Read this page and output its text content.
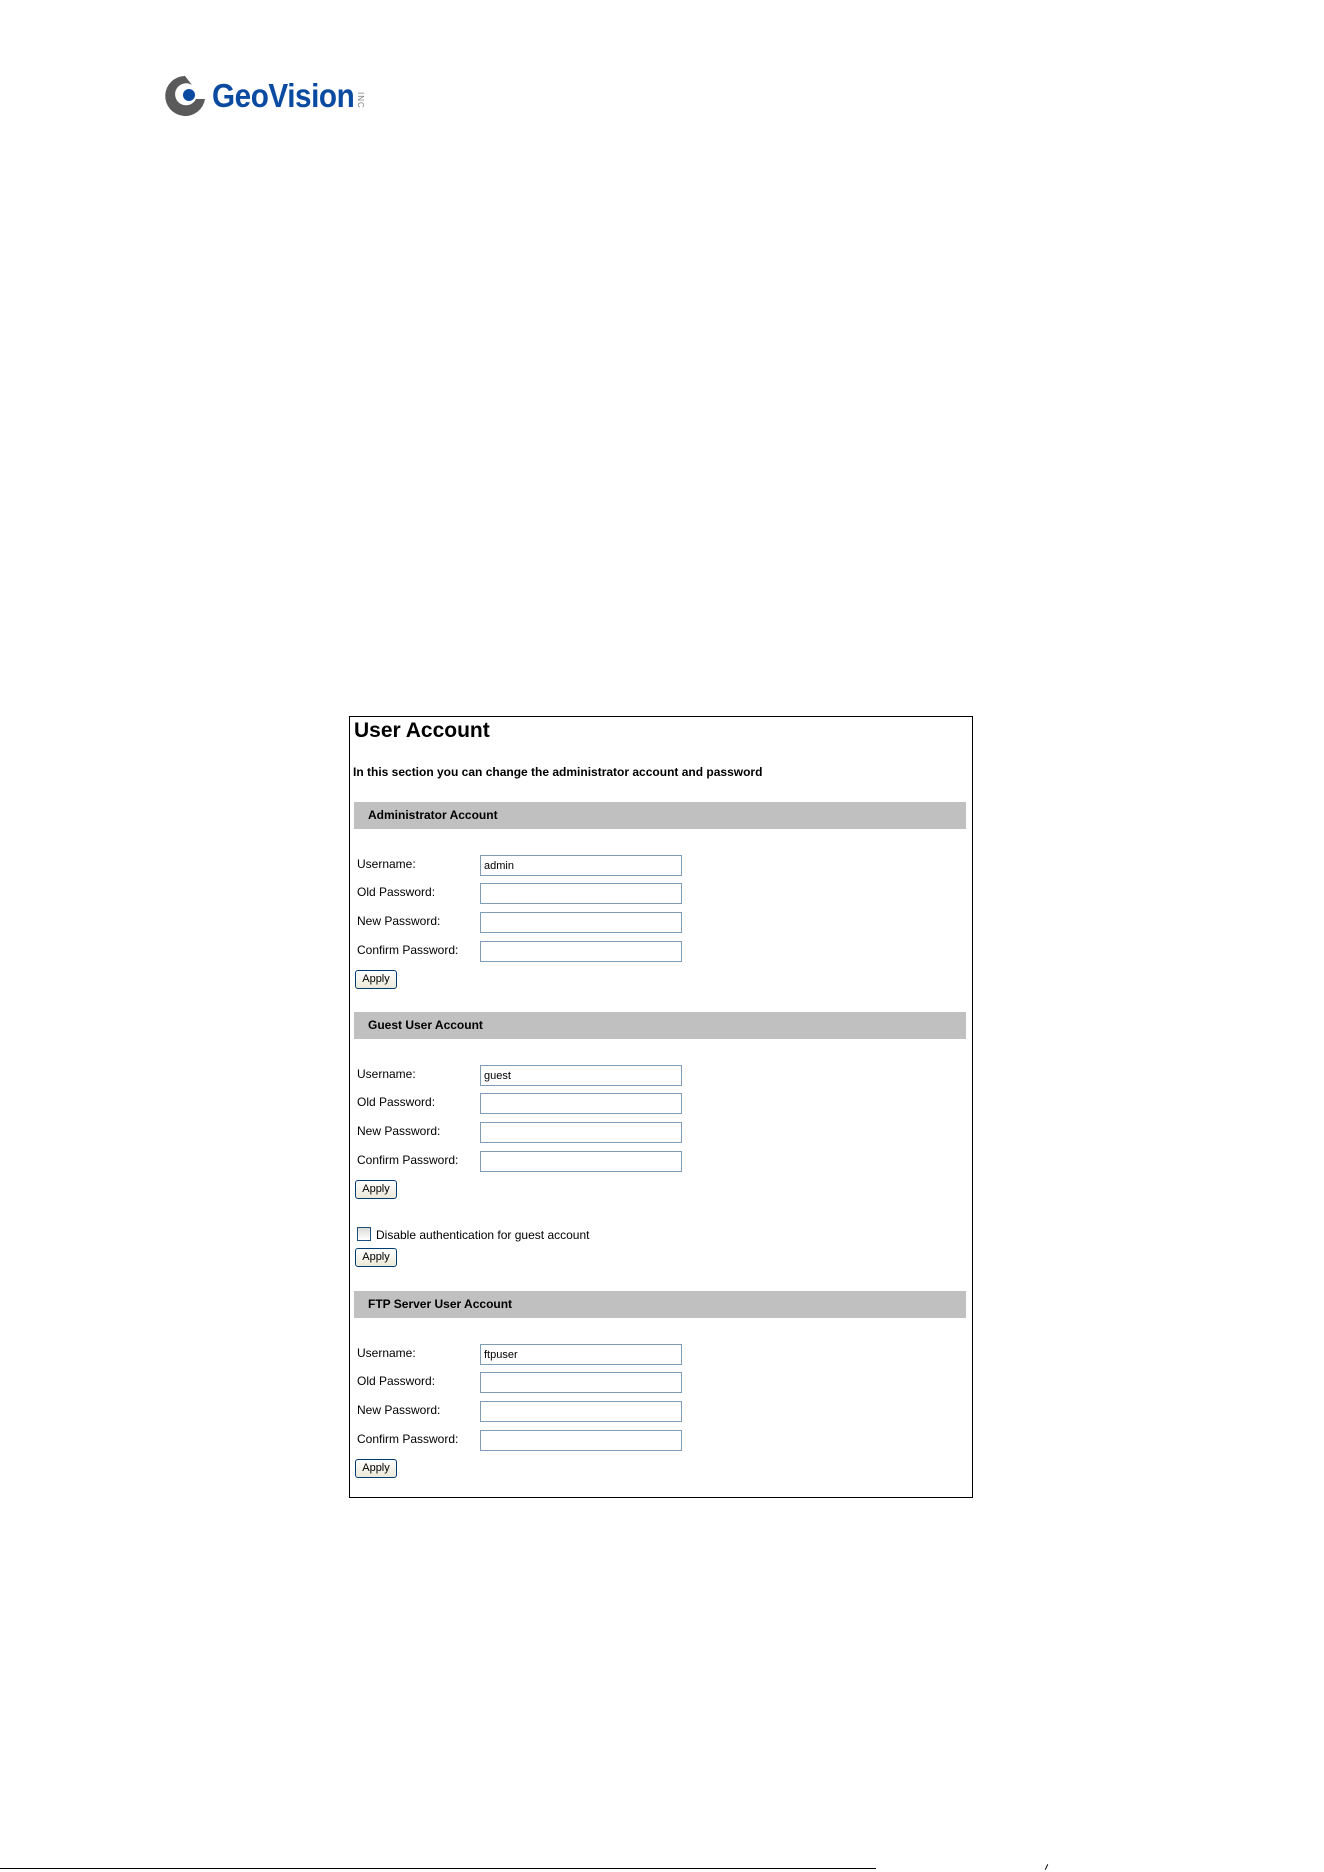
GeoVision INC
User Account
In this section you can change the administrator account and password
Administrator Account
Username:
admin
Old Password:
New Password:
Confirm Password:
Apply
Guest User Account
Username:
guest
Old Password:
New Password:
Confirm Password:
Apply
Disable authentication for guest account
Apply
FTP Server User Account
Username:
ftpuser
Old Password:
New Password:
Confirm Password:
Apply
